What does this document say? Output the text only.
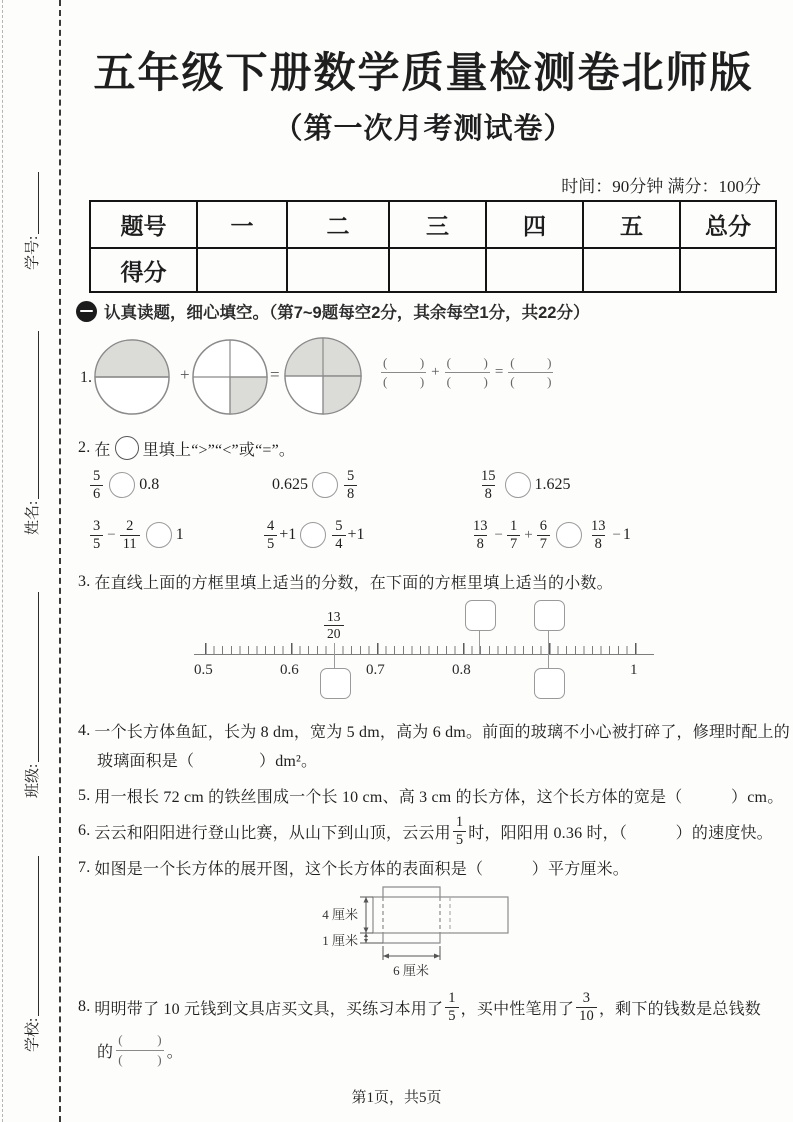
学号:
姓名:
班级:
学校:
五年级下册数学质量检测卷北师版
（第一次月考测试卷）
时间：90分钟 满分：100分
题号	一	二	三	四	五	总分
得分						
认真读题，细心填空。（第7~9题每空2分，其余每空1分，共22分）
1.	+	=
(          )
(          )
+
(          )
(          )
=
(          )
(          )
2. 在 里填上“>”“<”或“=”。
$\frac{5}{6} 0.8$	$0.625 \frac{5}{8}$	$\frac{15}{8} 1.625$
$\frac{3}{5} - \frac{2}{11} 1$	$\frac{4}{5} +1 \frac{5}{4} +1$	$\frac{13}{8} - \frac{1}{7} + \frac{6}{7}$	$\frac{13}{8} - 1$
3. 在直线上面的方框里填上适当的分数，在下面的方框里填上适当的小数。
0.5	0.6	0.7	0.8	1
$\frac{13}{20}$
4. 一个长方体鱼缸，长为 8 dm，宽为 5 dm，高为 6 dm。前面的玻璃不小心被打碎了，修理时配上的
玻璃面积是（　　　　）dm²。
5. 用一根长 72 cm 的铁丝围成一个长 10 cm、高 3 cm 的长方体，这个长方体的宽是（　　　）cm。
6. 云云和阳阳进行登山比赛，从山下到山顶，云云用 $\frac{1}{5}$ 时，阳阳用 0.36 时，（　　　）的速度快。
7. 如图是一个长方体的展开图，这个长方体的表面积是（　　　）平方厘米。
4 厘米
1 厘米
6 厘米
8. 明明带了 10 元钱到文具店买文具，买练习本用了 $\frac{1}{5}$ ，买中性笔用了 $\frac{3}{10}$ ，剩下的钱数是总钱数
的
(          )
(          ) 。
第1页，共5页
